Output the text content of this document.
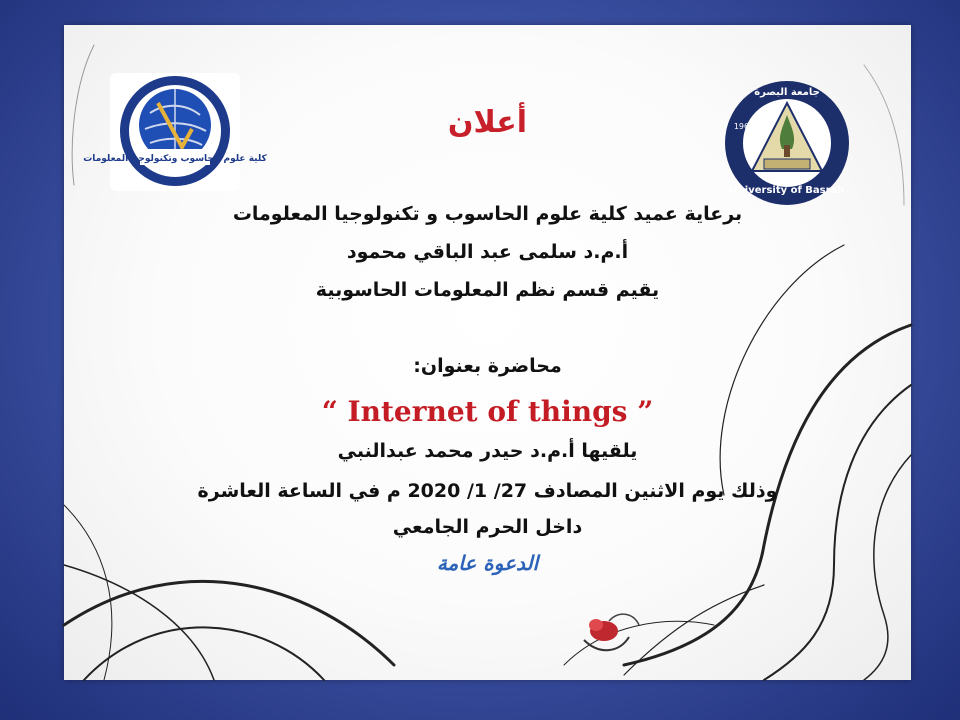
كلية علوم الحاسوب وتكنولوجيا المعلومات
University of Basrah
جامعة البصرة
1964
أعلان
برعاية عميد كلية علوم الحاسوب و تكنولوجيا المعلومات
أ.م.د سلمى عبد الباقي محمود
يقيم قسم نظم المعلومات الحاسوبية
محاضرة بعنوان:
“ Internet of things ”
يلقيها أ.م.د حيدر محمد عبدالنبي
وذلك يوم الاثنين المصادف 27/ 1/ 2020 م في الساعة العاشرة
داخل الحرم الجامعي
الدعوة عامة
